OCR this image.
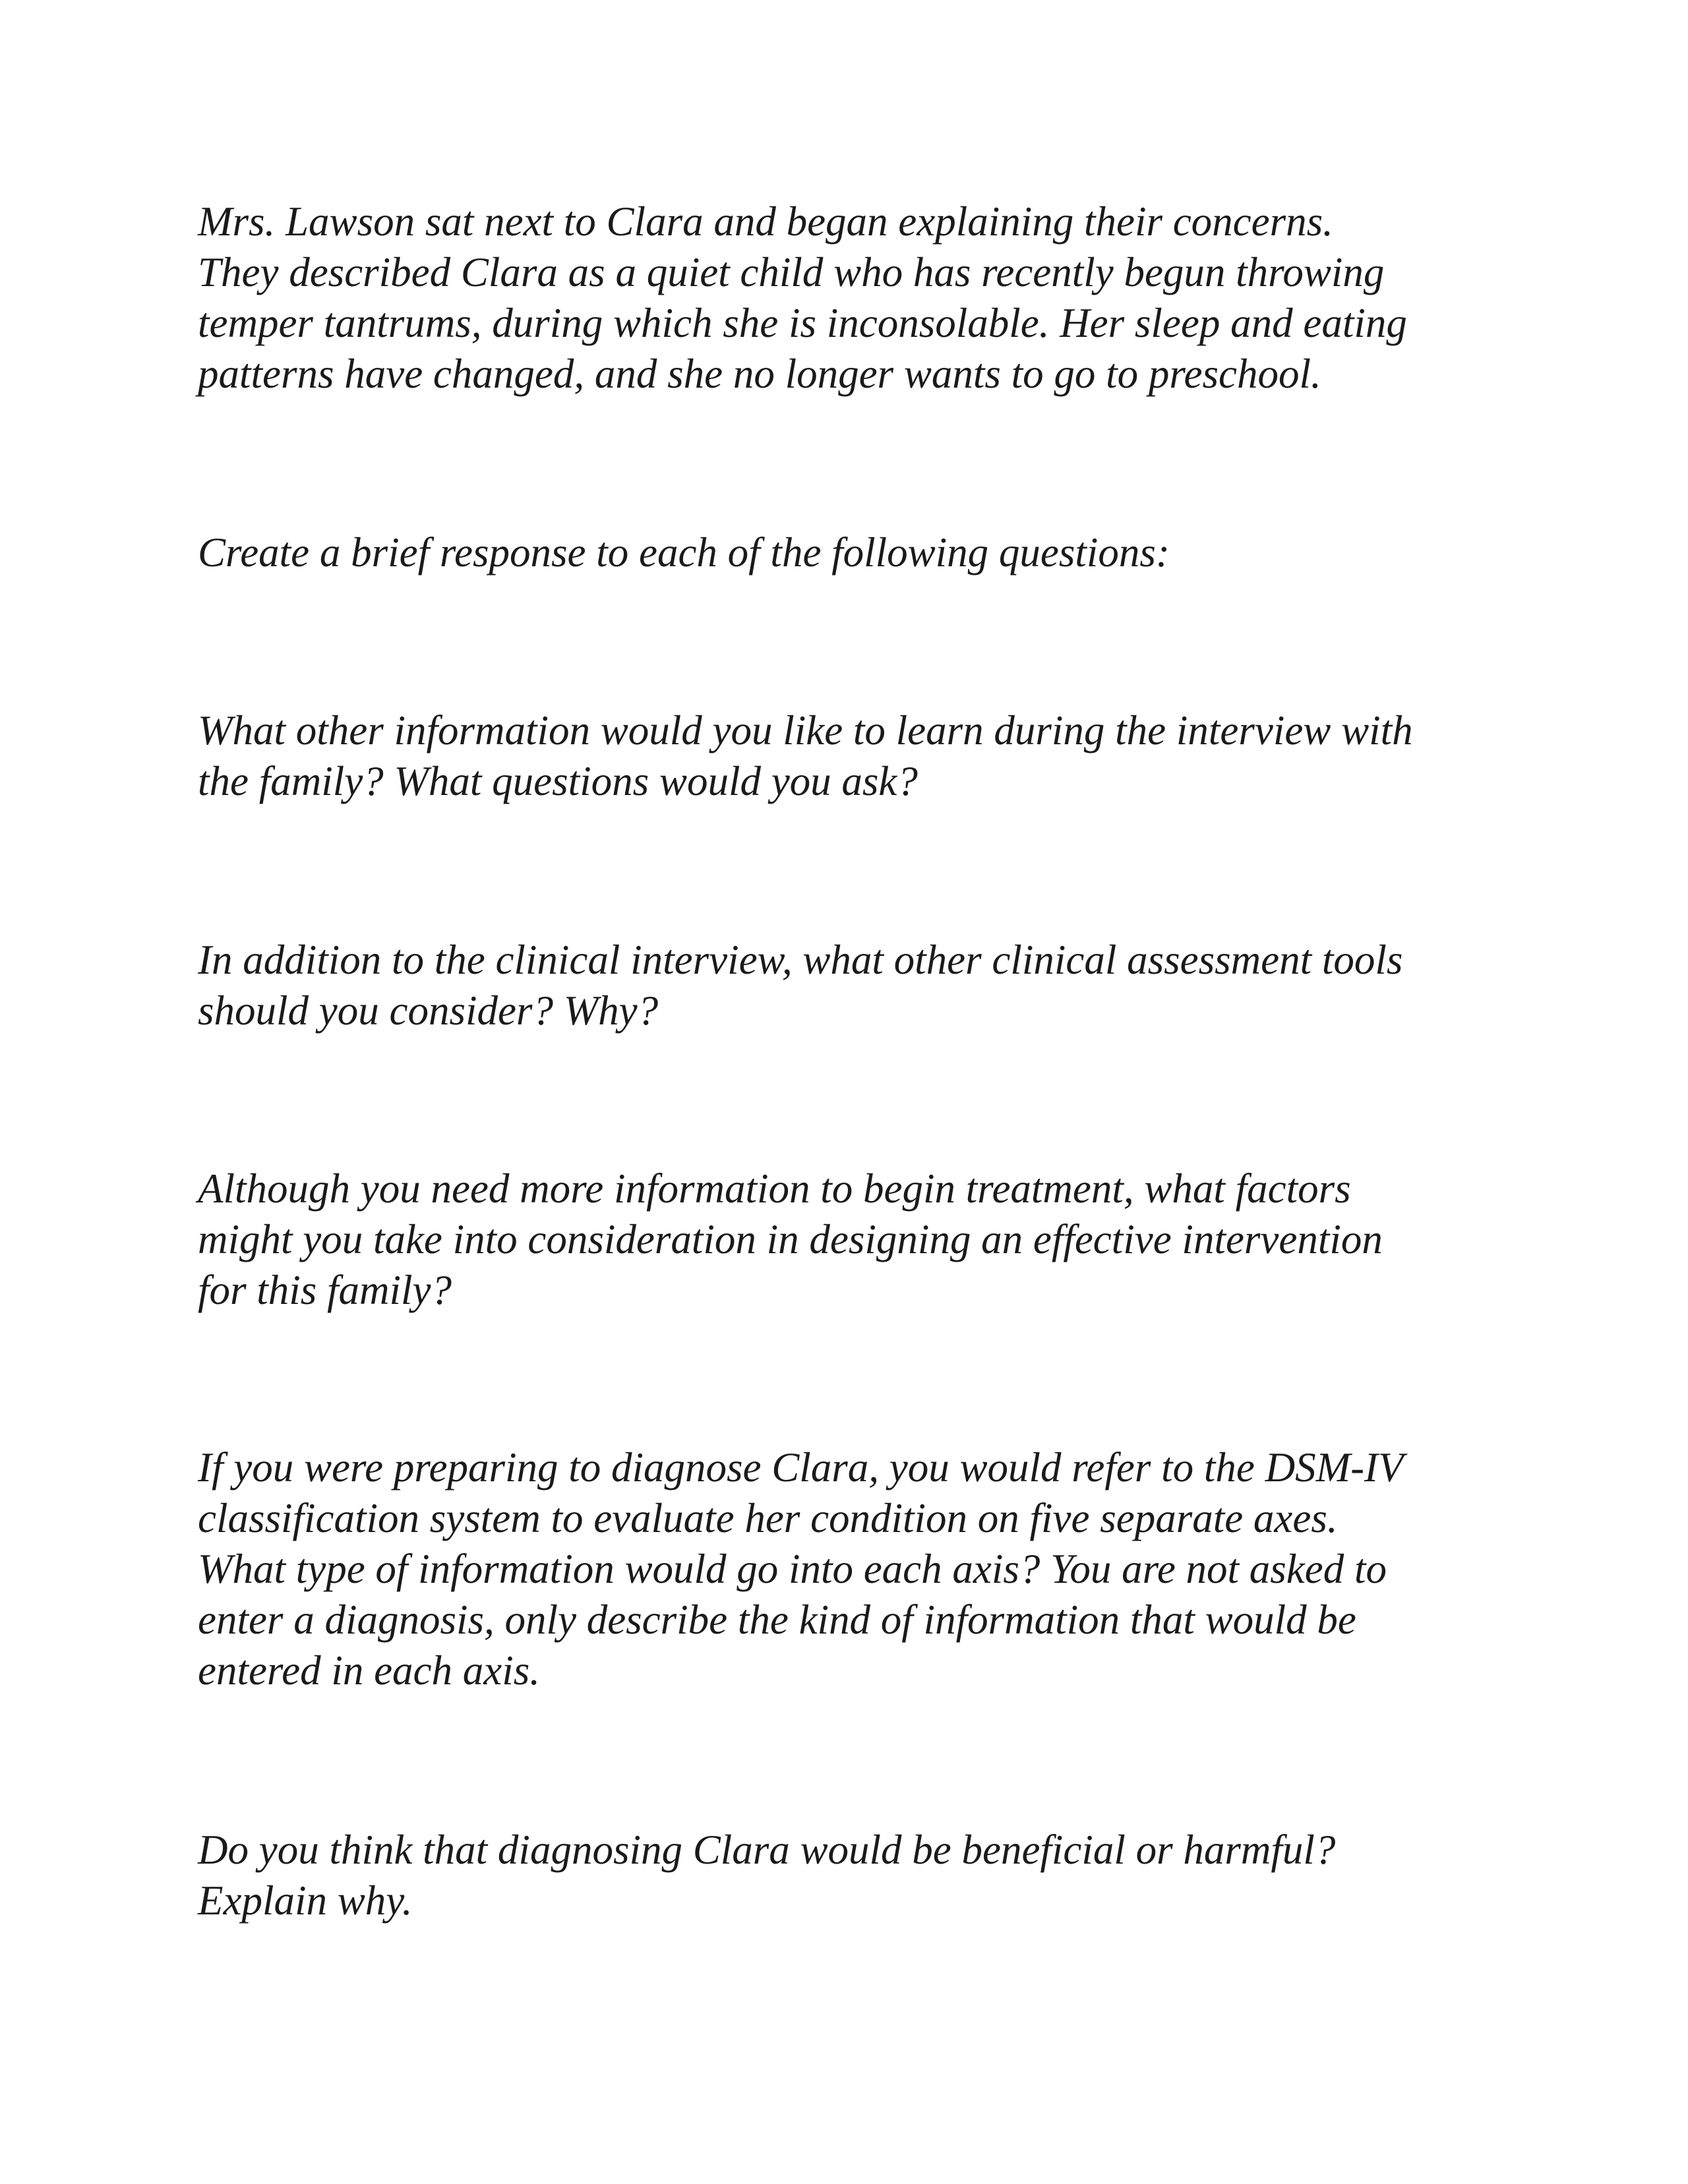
Mrs. Lawson sat next to Clara and began explaining their concerns.
They described Clara as a quiet child who has recently begun throwing
temper tantrums, during which she is inconsolable. Her sleep and eating
patterns have changed, and she no longer wants to go to preschool.

Create a brief response to each of the following questions:

What other information would you like to learn during the interview with
the family? What questions would you ask?

In addition to the clinical interview, what other clinical assessment tools
should you consider? Why?

Although you need more information to begin treatment, what factors
might you take into consideration in designing an effective intervention
for this family?

If you were preparing to diagnose Clara, you would refer to the DSM-IV
classification system to evaluate her condition on five separate axes.
What type of information would go into each axis? You are not asked to
enter a diagnosis, only describe the kind of information that would be
entered in each axis.

Do you think that diagnosing Clara would be beneficial or harmful?
Explain why.
